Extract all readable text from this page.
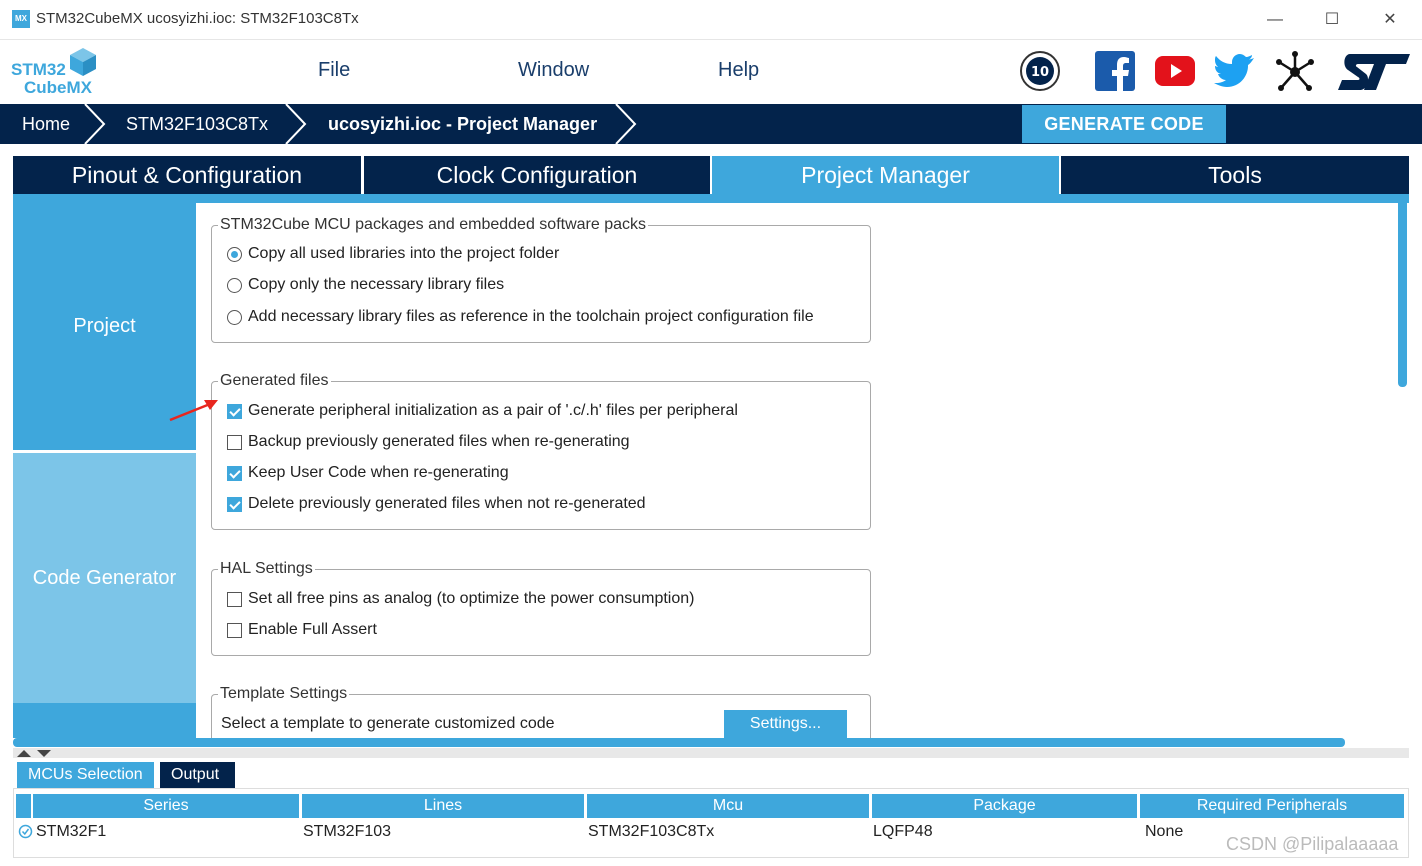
MX STM32CubeMX ucosyizhi.ioc: STM32F103C8Tx	—	☐	✕
File	Window	Help
STM32
CubeMX
10
Home	STM32F103C8Tx	ucosyizhi.ioc - Project Manager	GENERATE CODE
Pinout & Configuration	Clock Configuration	Project Manager	Tools
Project
Code Generator
STM32Cube MCU packages and embedded software packs
Copy all used libraries into the project folder
Copy only the necessary library files
Add necessary library files as reference in the toolchain project configuration file
Generated files
Generate peripheral initialization as a pair of '.c/.h' files per peripheral
Backup previously generated files when re-generating
Keep User Code when re-generating
Delete previously generated files when not re-generated
HAL Settings
Set all free pins as analog (to optimize the power consumption)
Enable Full Assert
Template Settings
Select a template to generate customized code	Settings...
MCUs Selection	Output
Series	Lines	Mcu	Package	Required Peripherals
STM32F1	STM32F103	STM32F103C8Tx	LQFP48	None
CSDN @Pilipalaaaaa
